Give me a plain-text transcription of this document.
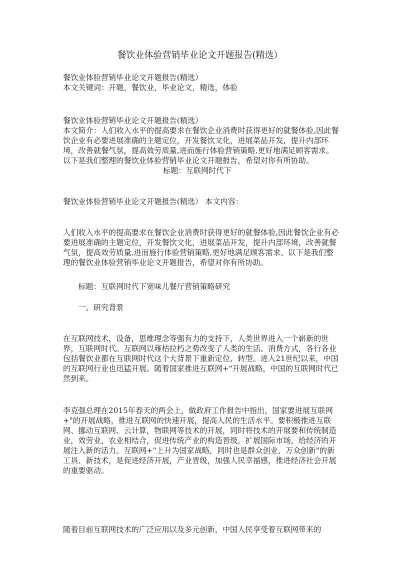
餐饮业体验营销毕业论文开题报告(精选）

餐饮业体验营销毕业论文开题报告(精选）

本文关键词：开题，餐饮业，毕业论文，精选，体验

餐饮业体验营销毕业论文开题报告(精选）

本文简介：人们收入水平的提高要求在餐饮企业消费时获得更好的就餐体验,因此餐饮企业有必要进展准确的主题定位，开发餐饮文化，进展菜品开发，提升内部环境，改善就餐气氛，提高效劳质量,进而施行体验营销策略,更好地满足顾客需求。以下是我们整理的餐饮业体验营销毕业论文开题报告，希望对你有所协助。

标题：互联网时代下

餐饮业体验营销毕业论文开题报告(精选） 本文内容：

人们收入水平的提高要求在餐饮企业消费时获得更好的就餐体验,因此餐饮企业有必要进展准确的主题定位，开发餐饮文化，进展菜品开发，提升内部环境，改善就餐气氛，提高效劳质量,进而施行体验营销策略,更好地满足顾客需求。以下是我们整理的餐饮业体验营销毕业论文开题报告，希望对你有所协助。

标题：互联网时代下宽味儿餐厅营销策略研究

一、研究背景

在互联网技术，设备，思维理念等强有力的支持下，人类世界进入一个崭新的世界，互联网时代。互联网以雍枯拉朽之势改变了人类的生活、消费方式，各行各业包括餐饮业都在互联网时代这个大背景下重新定位、转型。进入21世纪以来，中国的互联网行业也迅猛开展。随着国家推进互联网+"开展战略，中国的互联网时代已然到来。

李克强总理在2015年春天的两会上，做政府工作报告中指出，国家要进展互联网+"的开展战略，推进互联网的快速开展，提高人民的生活水平。要积极推进互联网、挪动互联网、云计算，物联网等技术的开展，同时将技术的开展要和传统制造业，效劳业，农业相结合，促进传统产业的构造晋级，扩展国际市场，给经济的开展注入新的活力。互联网+"上升为国家战略，同时也是群众创业，万众创新"的新工具、新技术，是促进经济开展，产业晋级，加强人民幸福感，推进经济社会开展的重要驱动。

随着目前互联网技术的广泛应用以及多元创新，中国人民享受着互联网带来的
